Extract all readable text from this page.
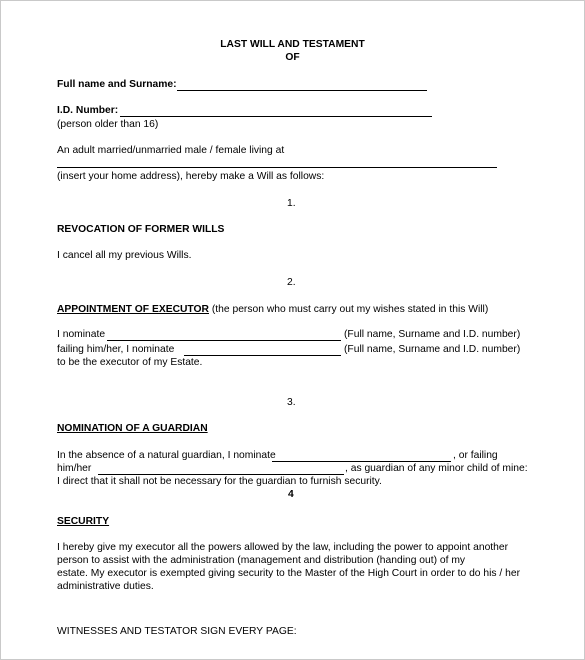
LAST WILL AND TESTAMENT
OF
Full name and Surname:
I.D. Number:
(person older than 16)
An adult married/unmarried male / female living at
(insert your home address), hereby make a Will as follows:
1.
REVOCATION OF FORMER WILLS
I cancel all my previous Wills.
2.
APPOINTMENT OF EXECUTOR (the person who must carry out my wishes stated in this Will)
I nominate	(Full name, Surname and I.D. number)
failing him/her, I nominate	(Full name, Surname and I.D. number)
to be the executor of my Estate.
3.
NOMINATION OF A GUARDIAN
In the absence of a natural guardian, I nominate	, or failing
him/her	, as guardian of any minor child of mine:
I direct that it shall not be necessary for the guardian to furnish security.
4
SECURITY
I hereby give my executor all the powers allowed by the law, including the power to appoint another
person to assist with the administration (management and distribution (handing out) of my
estate. My executor is exempted giving security to the Master of the High Court in order to do his / her
administrative duties.
WITNESSES AND TESTATOR SIGN EVERY PAGE:
